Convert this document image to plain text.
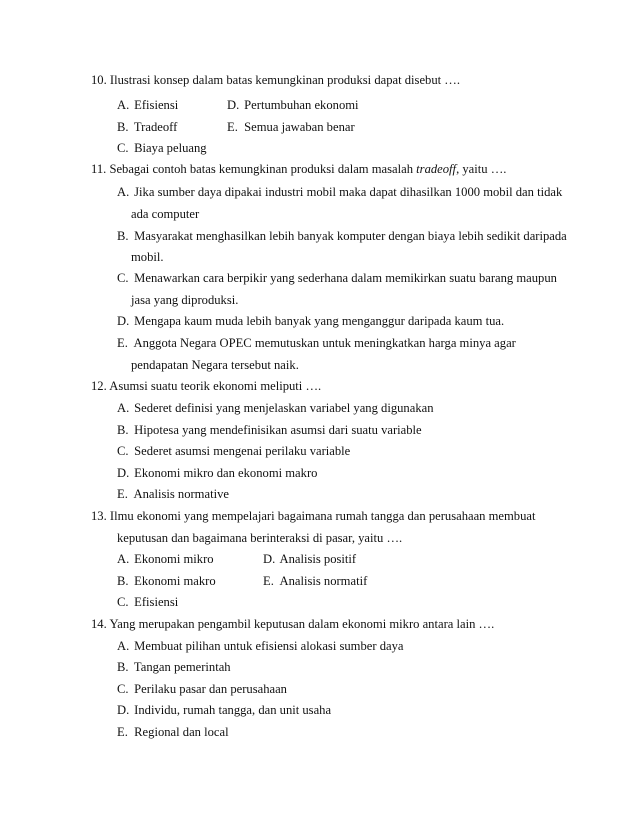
10. Ilustrasi konsep dalam batas kemungkinan produksi dapat disebut ….
A. Efisiensi	D. Pertumbuhan ekonomi
B. Tradeoff	E. Semua jawaban benar
C. Biaya peluang
11. Sebagai contoh batas kemungkinan produksi dalam masalah tradeoff, yaitu ….
A. Jika sumber daya dipakai industri mobil maka dapat dihasilkan 1000 mobil dan tidak
ada computer
B. Masyarakat menghasilkan lebih banyak komputer dengan biaya lebih sedikit daripada
mobil.
C. Menawarkan cara berpikir yang sederhana dalam memikirkan suatu barang maupun
jasa yang diproduksi.
D. Mengapa kaum muda lebih banyak yang menganggur daripada kaum tua.
E. Anggota Negara OPEC memutuskan untuk meningkatkan harga minya agar
pendapatan Negara tersebut naik.
12. Asumsi suatu teorik ekonomi meliputi ….
A. Sederet definisi yang menjelaskan variabel yang digunakan
B. Hipotesa yang mendefinisikan asumsi dari suatu variable
C. Sederet asumsi mengenai perilaku variable
D. Ekonomi mikro dan ekonomi makro
E. Analisis normative
13. Ilmu ekonomi yang mempelajari bagaimana rumah tangga dan perusahaan membuat
keputusan dan bagaimana berinteraksi di pasar, yaitu ….
A. Ekonomi mikro	D. Analisis positif
B. Ekonomi makro	E. Analisis normatif
C. Efisiensi
14. Yang merupakan pengambil keputusan dalam ekonomi mikro antara lain ….
A. Membuat pilihan untuk efisiensi alokasi sumber daya
B. Tangan pemerintah
C. Perilaku pasar dan perusahaan
D. Individu, rumah tangga, dan unit usaha
E. Regional dan local
